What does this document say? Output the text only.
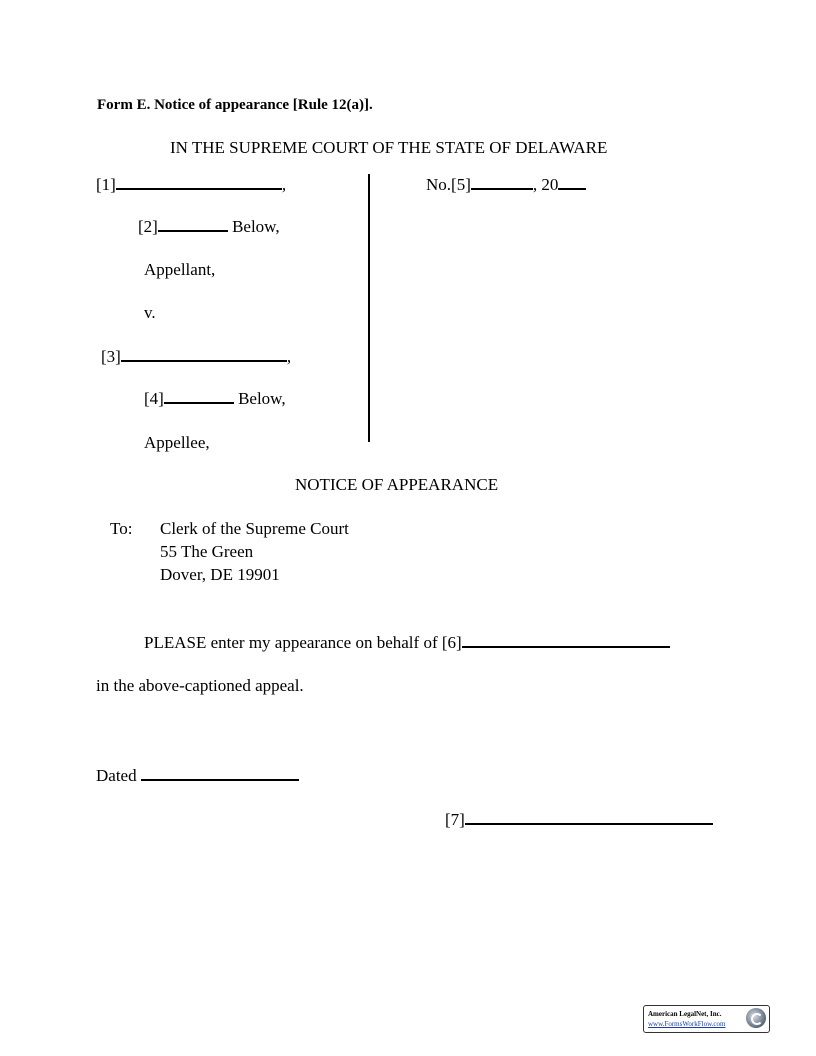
Form E. Notice of appearance [Rule 12(a)].
IN THE SUPREME COURT OF THE STATE OF DELAWARE
[1]	,
[2]	Below,
Appellant,
v.
[3]	,
[4]	Below,
Appellee,
No.[5]	, 20
NOTICE OF APPEARANCE
To: Clerk of the Supreme Court
55 The Green
Dover, DE 19901
PLEASE enter my appearance on behalf of [6]
in the above-captioned appeal.
Dated
[7]
American LegalNet, Inc.
www.FormsWorkFlow.com
